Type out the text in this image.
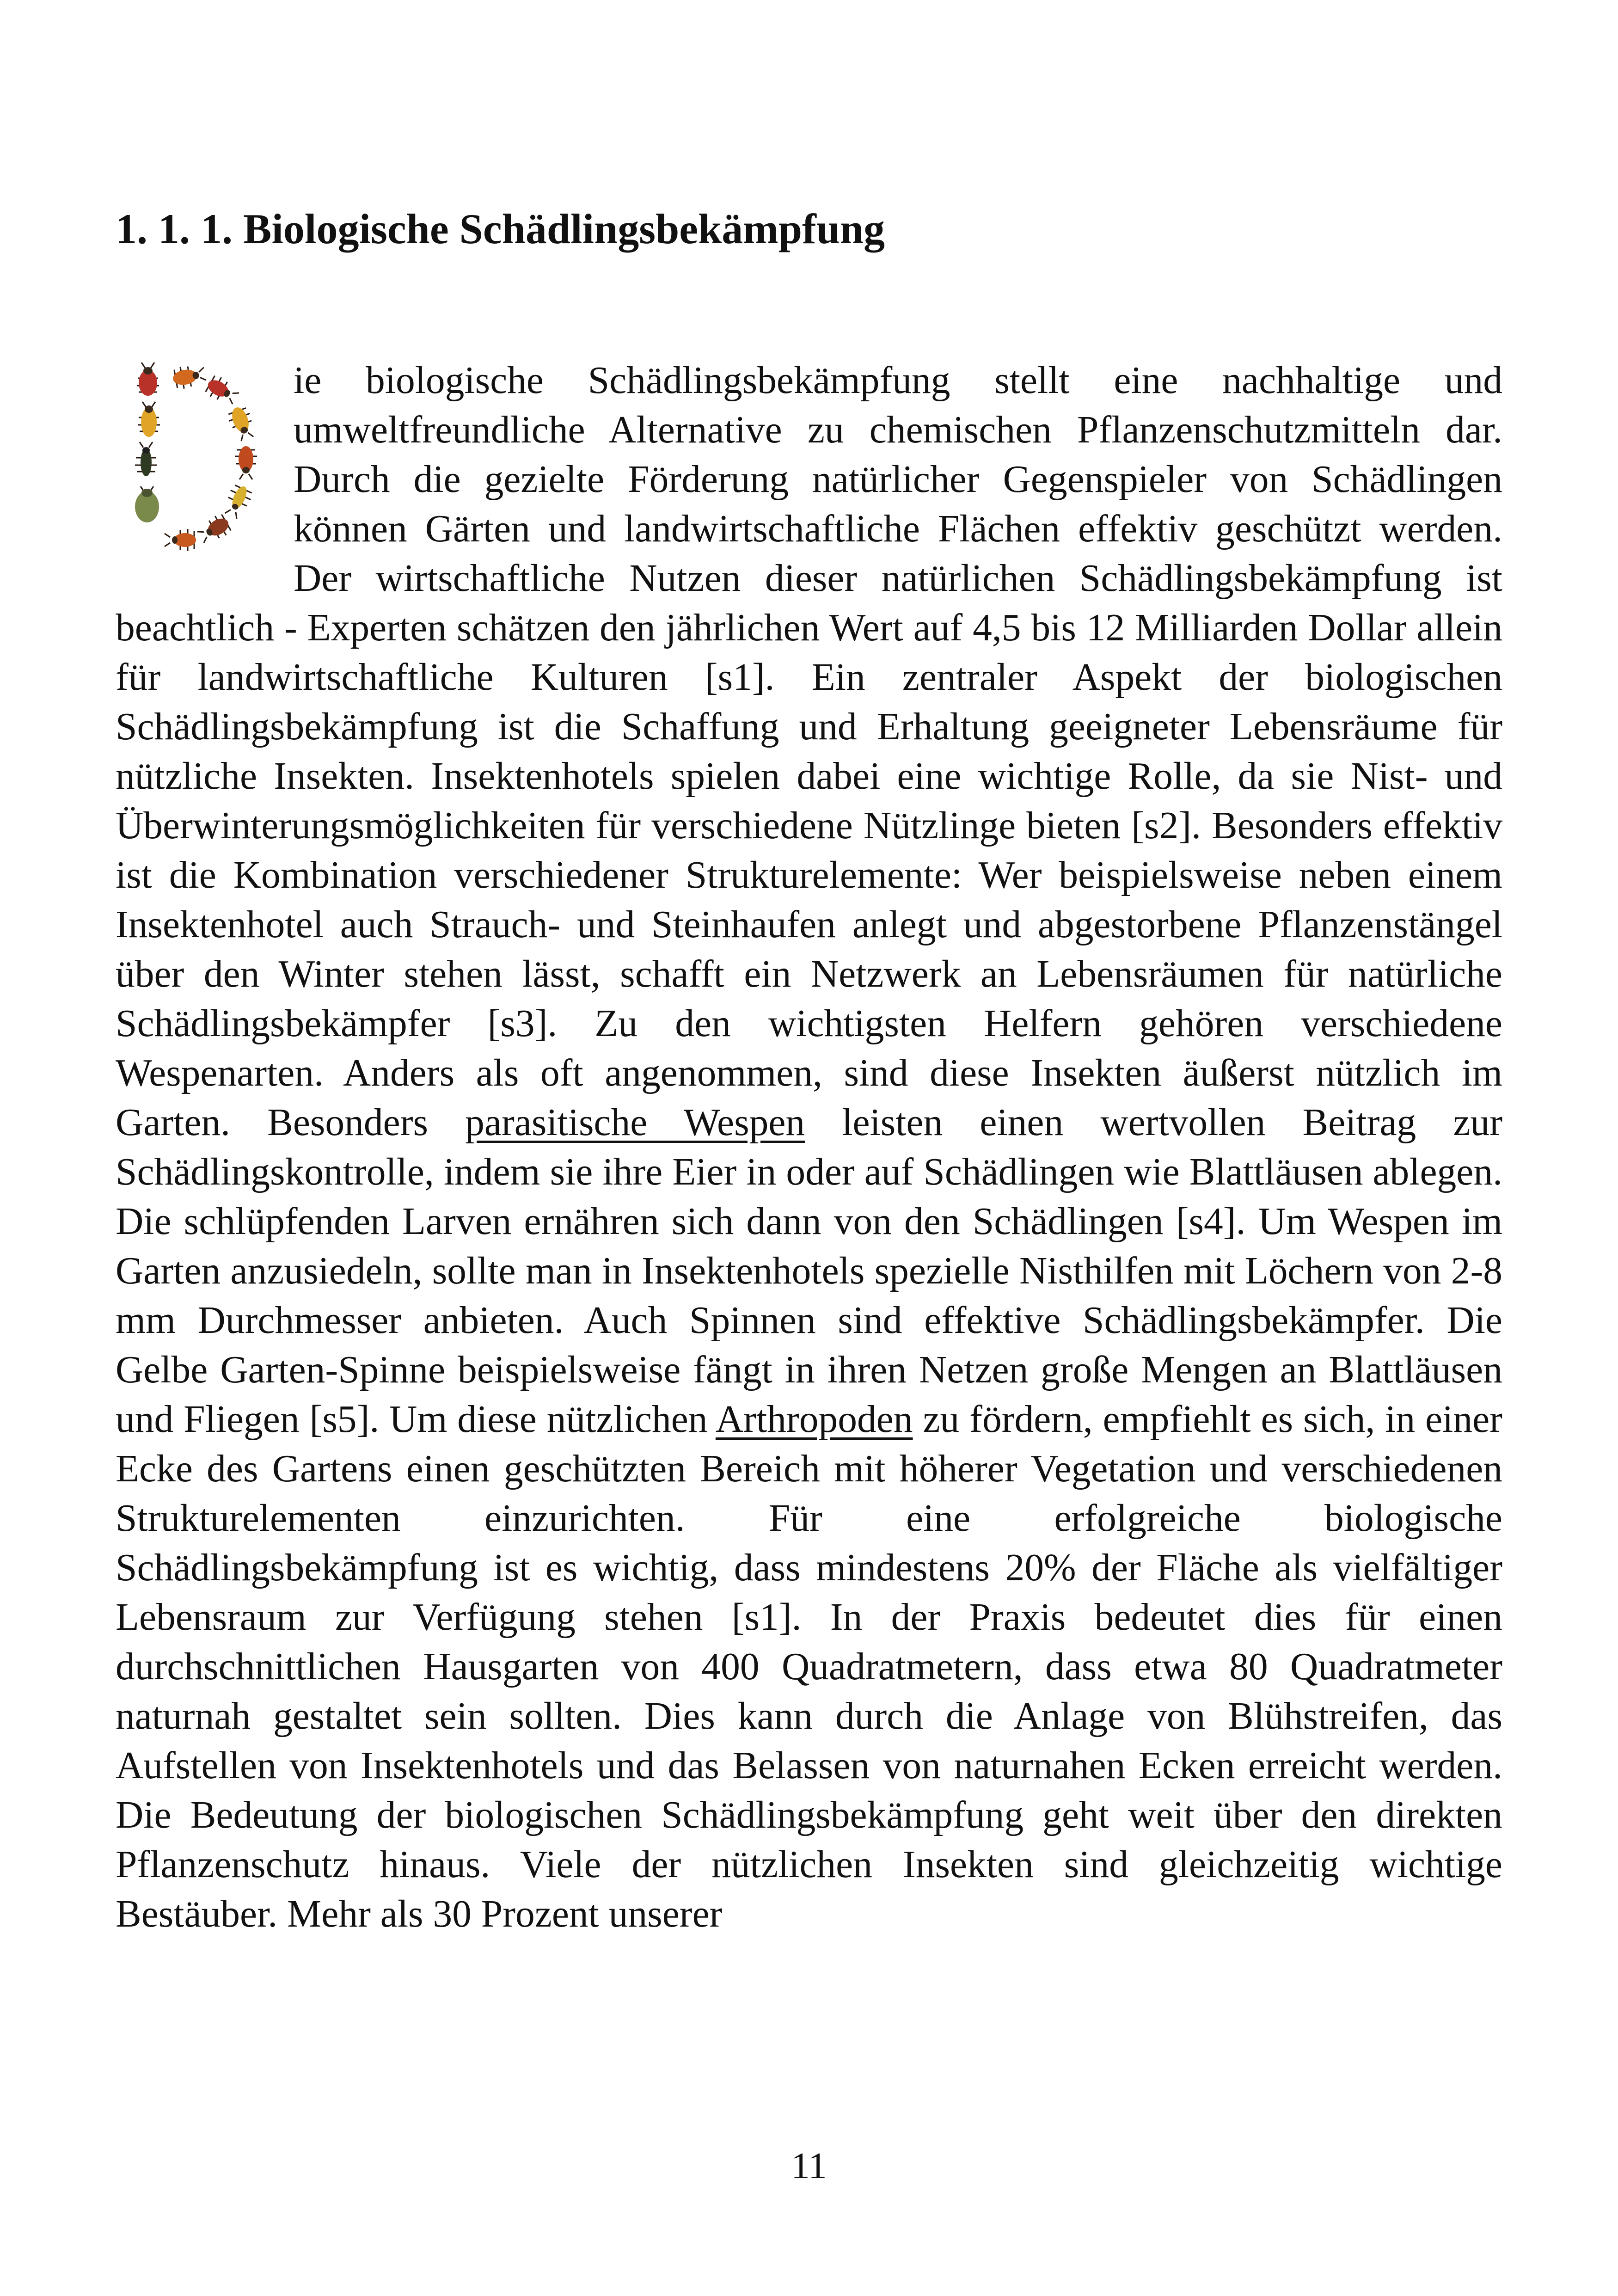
1. 1. 1. Biologische Schädlingsbekämpfung
ie biologische Schädlingsbekämpfung stellt eine nachhaltige und umweltfreundliche Alternative zu chemischen Pflanzenschutzmitteln dar. Durch die gezielte Förderung natürlicher Gegenspieler von Schädlingen können Gärten und landwirtschaftliche Flächen effektiv geschützt werden. Der wirtschaftliche Nutzen dieser natürlichen Schädlingsbekämpfung ist beachtlich - Experten schätzen den jährlichen Wert auf 4,5 bis 12 Milliarden Dollar allein für landwirtschaftliche Kulturen [s1]. Ein zentraler Aspekt der biologischen Schädlingsbekämpfung ist die Schaffung und Erhaltung geeigneter Lebensräume für nützliche Insekten. Insektenhotels spielen dabei eine wichtige Rolle, da sie Nist- und Überwinterungsmöglichkeiten für verschiedene Nützlinge bieten [s2]. Besonders effektiv ist die Kombination verschiedener Strukturelemente: Wer beispielsweise neben einem Insektenhotel auch Strauch- und Steinhaufen anlegt und abgestorbene Pflanzenstängel über den Winter stehen lässt, schafft ein Netzwerk an Lebensräumen für natürliche Schädlingsbekämpfer [s3]. Zu den wichtigsten Helfern gehören verschiedene Wespenarten. Anders als oft angenommen, sind diese Insekten äußerst nützlich im Garten. Besonders parasitische Wespen leisten einen wertvollen Beitrag zur Schädlingskontrolle, indem sie ihre Eier in oder auf Schädlingen wie Blattläusen ablegen. Die schlüpfenden Larven ernähren sich dann von den Schädlingen [s4]. Um Wespen im Garten anzusiedeln, sollte man in Insektenhotels spezielle Nisthilfen mit Löchern von 2-8 mm Durchmesser anbieten. Auch Spinnen sind effektive Schädlingsbekämpfer. Die Gelbe Garten-Spinne beispielsweise fängt in ihren Netzen große Mengen an Blattläusen und Fliegen [s5]. Um diese nützlichen Arthropoden zu fördern, empfiehlt es sich, in einer Ecke des Gartens einen geschützten Bereich mit höherer Vegetation und verschiedenen Strukturelementen einzurichten. Für eine erfolgreiche biologische Schädlingsbekämpfung ist es wichtig, dass mindestens 20% der Fläche als vielfältiger Lebensraum zur Verfügung stehen [s1]. In der Praxis bedeutet dies für einen durchschnittlichen Hausgarten von 400 Quadratmetern, dass etwa 80 Quadratmeter naturnah gestaltet sein sollten. Dies kann durch die Anlage von Blühstreifen, das Aufstellen von Insektenhotels und das Belassen von naturnahen Ecken erreicht werden. Die Bedeutung der biologischen Schädlingsbekämpfung geht weit über den direkten Pflanzenschutz hinaus. Viele der nützlichen Insekten sind gleichzeitig wichtige Bestäuber. Mehr als 30 Prozent unserer
11
